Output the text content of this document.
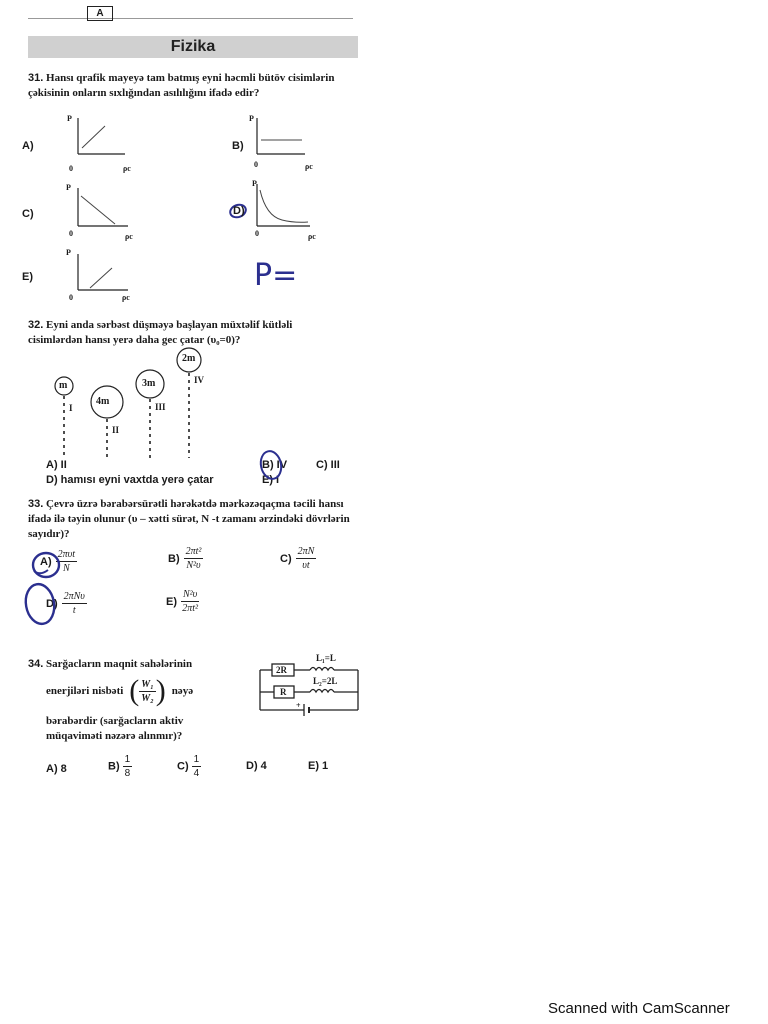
A
Fizika
31. Hansı qrafik mayeyə tam batmış eyni həcmli bütöv cisimlərin çəkisinin onların sıxlığından asılılığını ifadə edir?
A)	B)
C)	D)
E)
P
0	ρc
P
0	ρc
P
0	ρc
P
0	ρc
P
0	ρc
P=
32. Eyni anda sərbəst düşməyə başlayan müxtəlif kütləli cisimlərdən hansı yerə daha gec çatar (υ₀=0)?
m
4m
3m
2m
I
II
III
IV
A) II	B) IV	C) III
D) hamısı eyni vaxtda yerə çatar	E) I
33. Çevrə üzrə bərabərsürətli hərəkətdə mərkəzəqaçma təcili hansı ifadə ilə təyin olunur (υ – xətti sürət, N -t zamanı ərzindəki dövrlərin sayıdır)?
$A) \frac{\text{2πυt}}{N}$	$B) \frac{\text{2πt²}}{\text{N²υ}}$	$C) \frac{2\pi N}{\upsilon t}$
$D) \frac{\text{2πNυ}}{t}$	$E) \frac{\text{N²υ}}{\text{2πt²}}$
34. Sarğacların maqnit sahələrinin
enerjiləri nisbəti ( $\frac{\text{W₁}}{\text{W₂}}$ ) nəyə
bərabərdir (sarğacların aktiv
müqaviməti nəzərə alınmır)?
2R
R
L₁=L
L₂=2L
+
A) 8	$B) \frac{1}{8}$	$C) \frac{1}{4}$	D) 4	E) 1
Scanned with CamScanner
